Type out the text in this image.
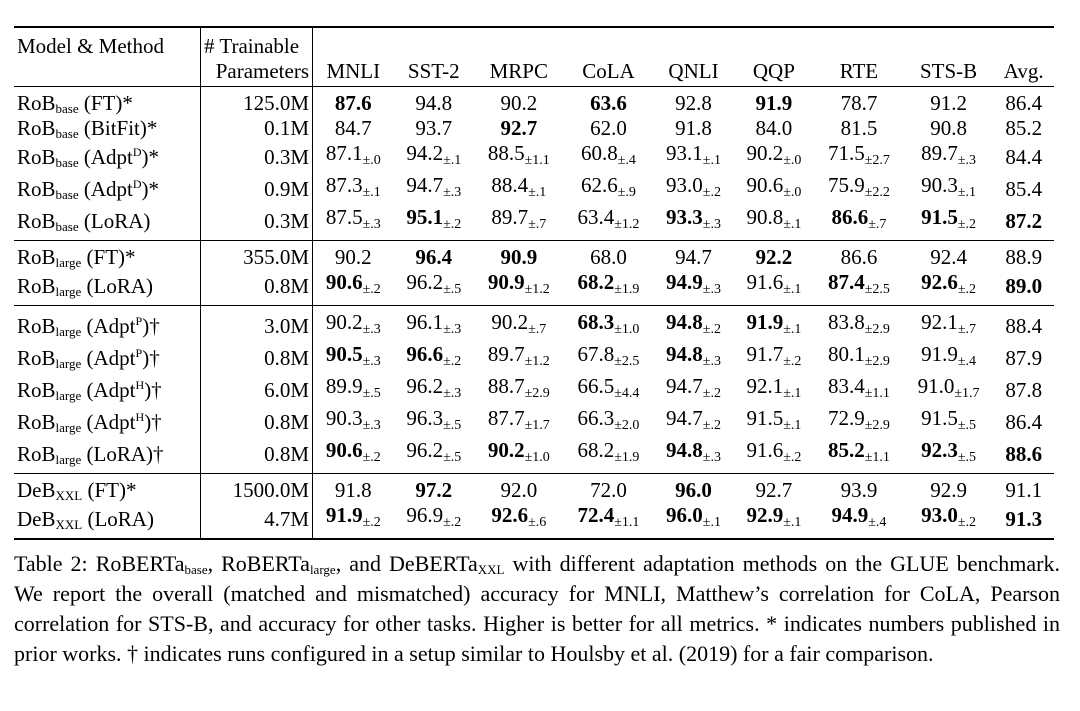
Model & Method	# Trainable									
	Parameters	MNLI	SST-2	MRPC	CoLA	QNLI	QQP	RTE	STS-B	Avg.
RoB$_{base}$ (FT)*	125.0M	87.6	94.8	90.2	63.6	92.8	91.9	78.7	91.2	86.4
RoB$_{base}$ (BitFit)*	0.1M	84.7	93.7	92.7	62.0	91.8	84.0	81.5	90.8	85.2
RoB$_{base}$ (Adpt$^D$)*	0.3M	87.1±.0	94.2±.1	88.5±1.1	60.8±.4	93.1±.1	90.2±.0	71.5±2.7	89.7±.3	84.4
RoB$_{base}$ (Adpt$^D$)*	0.9M	87.3±.1	94.7±.3	88.4±.1	62.6±.9	93.0±.2	90.6±.0	75.9±2.2	90.3±.1	85.4
RoB$_{base}$ (LoRA)	0.3M	87.5±.3	95.1±.2	89.7±.7	63.4±1.2	93.3±.3	90.8±.1	86.6±.7	91.5±.2	87.2
RoB$_{large}$ (FT)*	355.0M	90.2	96.4	90.9	68.0	94.7	92.2	86.6	92.4	88.9
RoB$_{large}$ (LoRA)	0.8M	90.6±.2	96.2±.5	90.9±1.2	68.2±1.9	94.9±.3	91.6±.1	87.4±2.5	92.6±.2	89.0
RoB$_{large}$ (Adpt$^P$)†	3.0M	90.2±.3	96.1±.3	90.2±.7	68.3±1.0	94.8±.2	91.9±.1	83.8±2.9	92.1±.7	88.4
RoB$_{large}$ (Adpt$^P$)†	0.8M	90.5±.3	96.6±.2	89.7±1.2	67.8±2.5	94.8±.3	91.7±.2	80.1±2.9	91.9±.4	87.9
RoB$_{large}$ (Adpt$^H$)†	6.0M	89.9±.5	96.2±.3	88.7±2.9	66.5±4.4	94.7±.2	92.1±.1	83.4±1.1	91.0±1.7	87.8
RoB$_{large}$ (Adpt$^H$)†	0.8M	90.3±.3	96.3±.5	87.7±1.7	66.3±2.0	94.7±.2	91.5±.1	72.9±2.9	91.5±.5	86.4
RoB$_{large}$ (LoRA)†	0.8M	90.6±.2	96.2±.5	90.2±1.0	68.2±1.9	94.8±.3	91.6±.2	85.2±1.1	92.3±.5	88.6
DeB$_{XXL}$ (FT)*	1500.0M	91.8	97.2	92.0	72.0	96.0	92.7	93.9	92.9	91.1
DeB$_{XXL}$ (LoRA)	4.7M	91.9±.2	96.9±.2	92.6±.6	72.4±1.1	96.0±.1	92.9±.1	94.9±.4	93.0±.2	91.3
Table 2: RoBERTa$_{base}$, RoBERTa$_{large}$, and DeBERTa$_{XXL}$ with different adaptation methods on the GLUE benchmark. We report the overall (matched and mismatched) accuracy for MNLI, Matthew’s correlation for CoLA, Pearson correlation for STS-B, and accuracy for other tasks. Higher is better for all metrics. * indicates numbers published in prior works. † indicates runs configured in a setup similar to Houlsby et al. (2019) for a fair comparison.
